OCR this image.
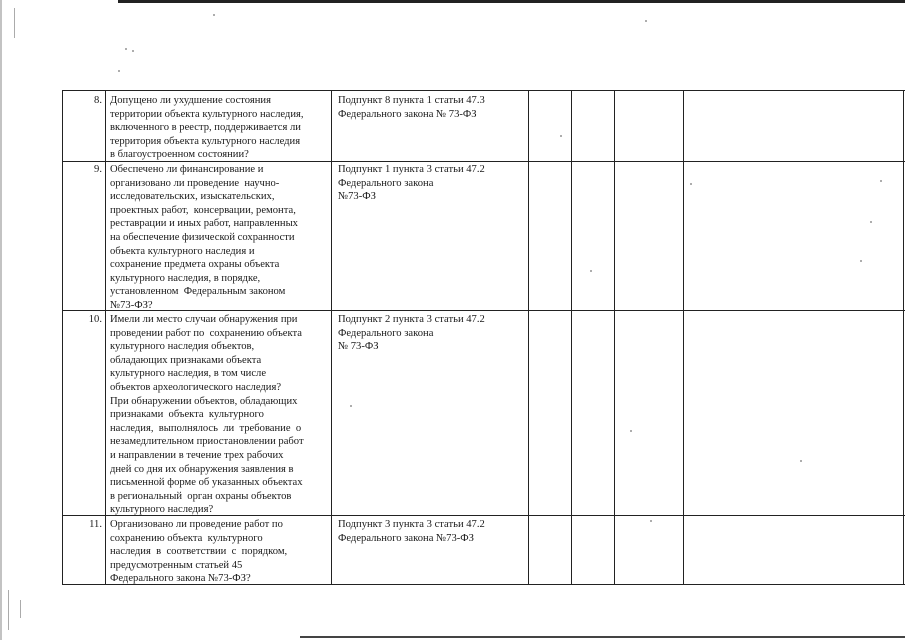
8. Допущено ли ухудшение состояния
территории объекта культурного наследия,
включенного в реестр, поддерживается ли
территория объекта культурного наследия
в благоустроенном состоянии?
Подпункт 8 пункта 1 статьи 47.3
Федерального закона № 73-ФЗ
9. Обеспечено ли финансирование и
организовано ли проведение  научно-
исследовательских, изыскательских,
проектных работ,  консервации, ремонта,
реставрации и иных работ, направленных
на обеспечение физической сохранности
объекта культурного наследия и
сохранение предмета охраны объекта
культурного наследия, в порядке,
установленном  Федеральным законом
№73-ФЗ?
Подпункт 1 пункта 3 статьи 47.2
Федерального закона
№73-ФЗ
10. Имели ли место случаи обнаружения при
проведении работ по  сохранению объекта
культурного наследия объектов,
обладающих признаками объекта
культурного наследия, в том числе
объектов археологического наследия?
При обнаружении объектов, обладающих
признаками  объекта  культурного
наследия,  выполнялось  ли  требование  о
незамедлительном приостановлении работ
и направлении в течение трех рабочих
дней со дня их обнаружения заявления в
письменной форме об указанных объектах
в региональный  орган охраны объектов
культурного наследия?
Подпункт 2 пункта 3 статьи 47.2
Федерального закона
№ 73-ФЗ
11. Организовано ли проведение работ по
сохранению объекта  культурного
наследия  в  соответствии  с  порядком,
предусмотренным статьей 45
Федерального закона №73-ФЗ?
Подпункт 3 пункта 3 статьи 47.2
Федерального закона №73-ФЗ
